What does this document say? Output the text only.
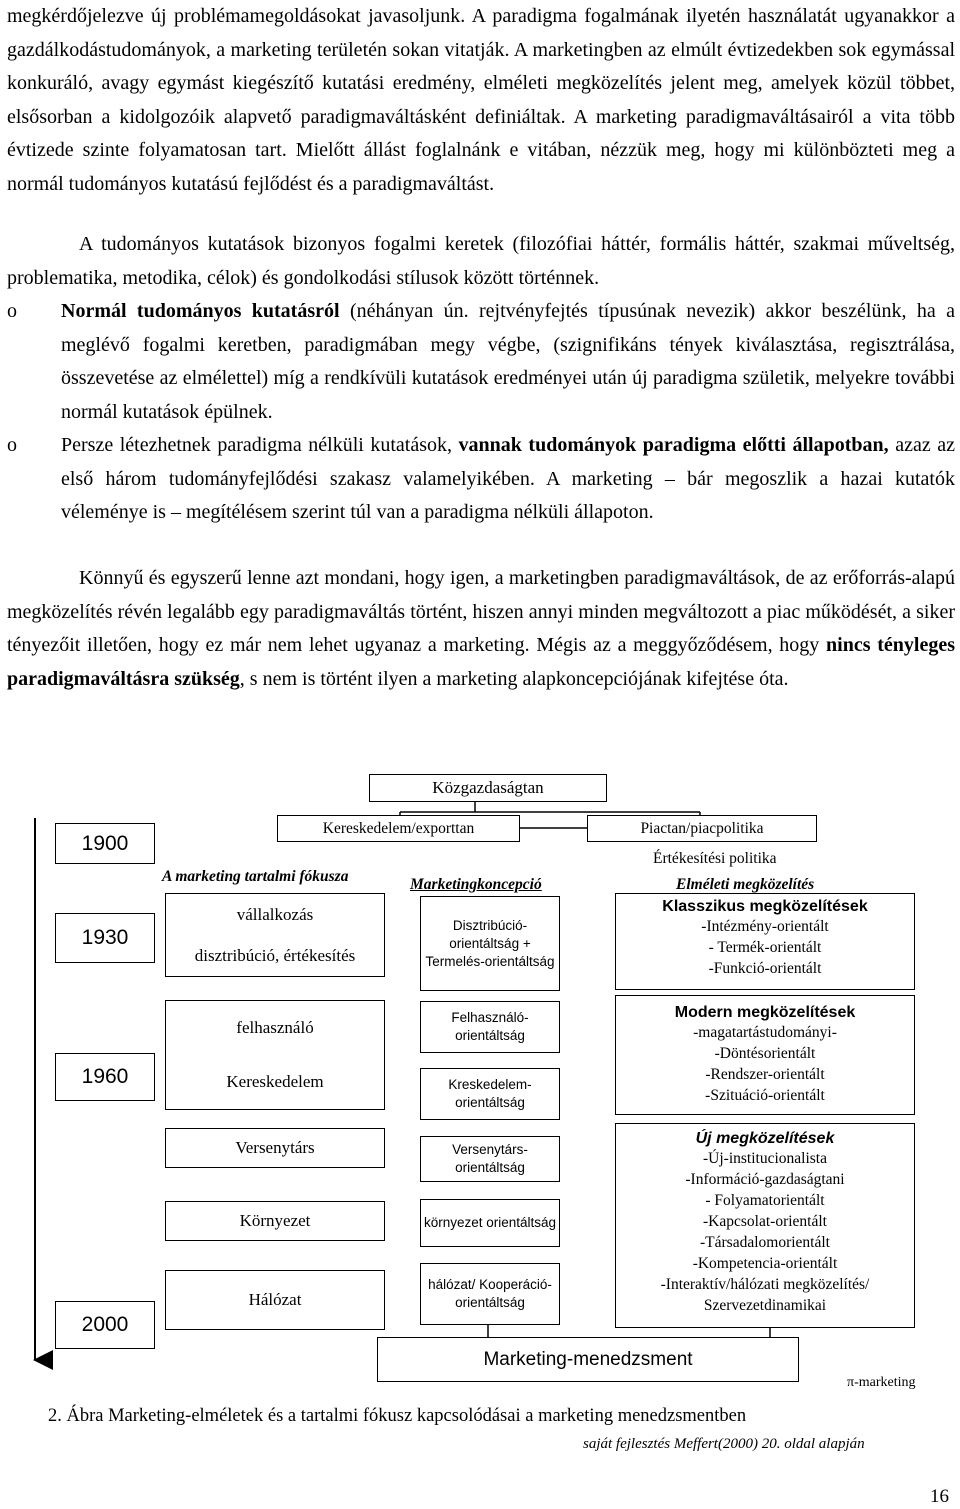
megkérdőjelezve új problémamegoldásokat javasoljunk. A paradigma fogalmának ilyetén használatát ugyanakkor a gazdálkodástudományok, a marketing területén sokan vitatják. A marketingben az elmúlt évtizedekben sok egymással konkuráló, avagy egymást kiegészítő kutatási eredmény, elméleti megközelítés jelent meg, amelyek közül többet, elsősorban a kidolgozóik alapvető paradigmaváltásként definiáltak. A marketing paradigmaváltásairól a vita több évtizede szinte folyamatosan tart. Mielőtt állást foglalnánk e vitában, nézzük meg, hogy mi különbözteti meg a normál tudományos kutatású fejlődést és a paradigmaváltást.

A tudományos kutatások bizonyos fogalmi keretek (filozófiai háttér, formális háttér, szakmai műveltség, problematika, metodika, célok) és gondolkodási stílusok között történnek.

o Normál tudományos kutatásról (néhányan ún. rejtvényfejtés típusúnak nevezik) akkor beszélünk, ha a meglévő fogalmi keretben, paradigmában megy végbe, (szignifikáns tények kiválasztása, regisztrálása, összevetése az elmélettel) míg a rendkívüli kutatások eredményei után új paradigma születik, melyekre további normál kutatások épülnek.
o Persze létezhetnek paradigma nélküli kutatások, vannak tudományok paradigma előtti állapotban, azaz az első három tudományfejlődési szakasz valamelyikében. A marketing – bár megoszlik a hazai kutatók véleménye is – megítélésem szerint túl van a paradigma nélküli állapoton.

Könnyű és egyszerű lenne azt mondani, hogy igen, a marketingben paradigmaváltások, de az erőforrás-alapú megközelítés révén legalább egy paradigmaváltás történt, hiszen annyi minden megváltozott a piac működését, a siker tényezőit illetően, hogy ez már nem lehet ugyanaz a marketing. Mégis az a meggyőződésem, hogy nincs tényleges paradigmaváltásra szükség, s nem is történt ilyen a marketing alapkoncepciójának kifejtése óta.

Közgazdaságtan
Kereskedelem/exporttan	Piactan/piacpolitika
Értékesítési politika
1900
1930
1960
2000
A marketing tartalmi fókusza
vállalkozás
disztribúció, értékesítés
felhasználó
Kereskedelem
Versenytárs
Környezet
Hálózat
Marketingkoncepció
Disztribúció-orientáltság + Termelés-orientáltság
Felhasználó-orientáltság
Kreskedelem-orientáltság
Versenytárs-orientáltság
környezet orientáltság
hálózat/ Kooperáció-orientáltság
Elméleti megközelítés
Klasszikus megközelítések
-Intézmény-orientált
- Termék-orientált
-Funkció-orientált
Modern megközelítések
-magatartástudományi-
-Döntésorientált
-Rendszer-orientált
-Szituáció-orientált
Új megközelítések
-Új-institucionalista
-Információ-gazdaságtani
- Folyamatorientált
-Kapcsolat-orientált
-Társadalomorientált
-Kompetencia-orientált
-Interaktív/hálózati megközelítés/
Szervezetdinamikai
Marketing-menedzsment
π-marketing
2. Ábra Marketing-elméletek és a tartalmi fókusz kapcsolódásai a marketing menedzsmentben
saját fejlesztés Meffert(2000) 20. oldal alapján
16
